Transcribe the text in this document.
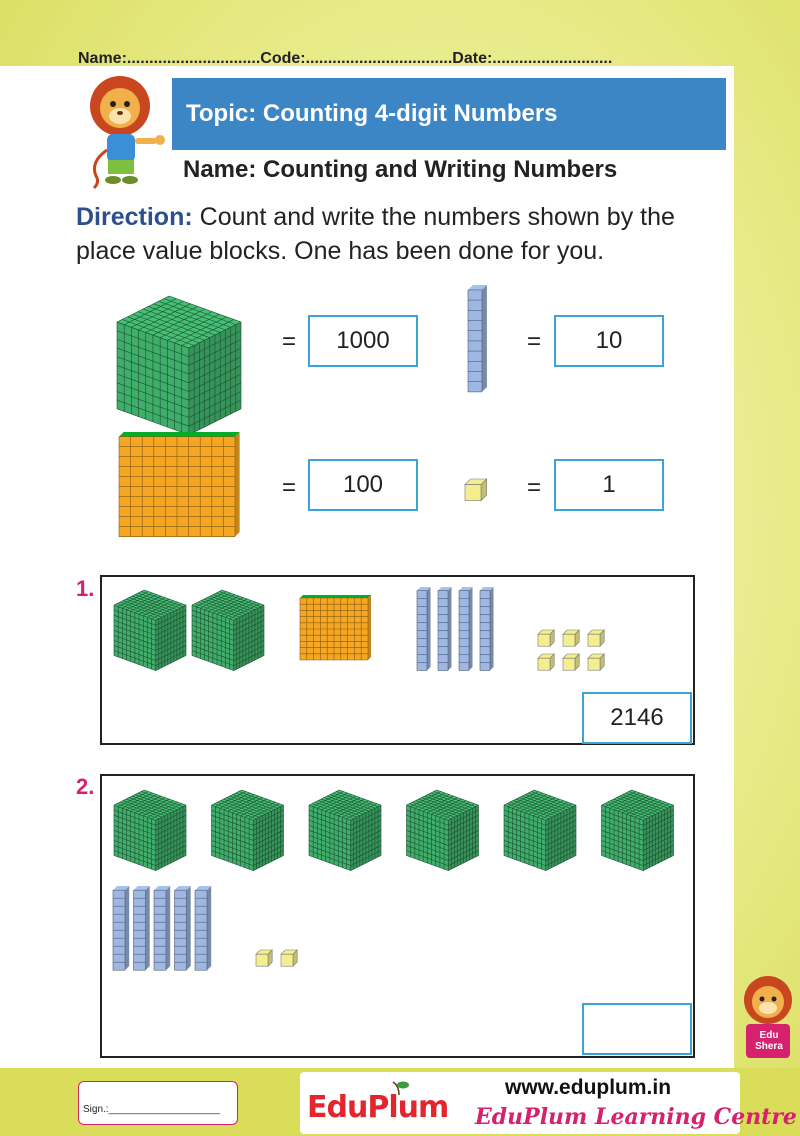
Name:..............................Code:.................................Date:...........................
Topic: Counting 4-digit Numbers
Name: Counting and Writing Numbers
Direction: Count and write the numbers shown by the place value blocks. One has been done for you.
=	1000	=	10
=	100	=	1
1.
2146
2.
Edu Shera
Sign.:____________________	EduPlum
www.eduplum.in
EduPlum Learning Centre
